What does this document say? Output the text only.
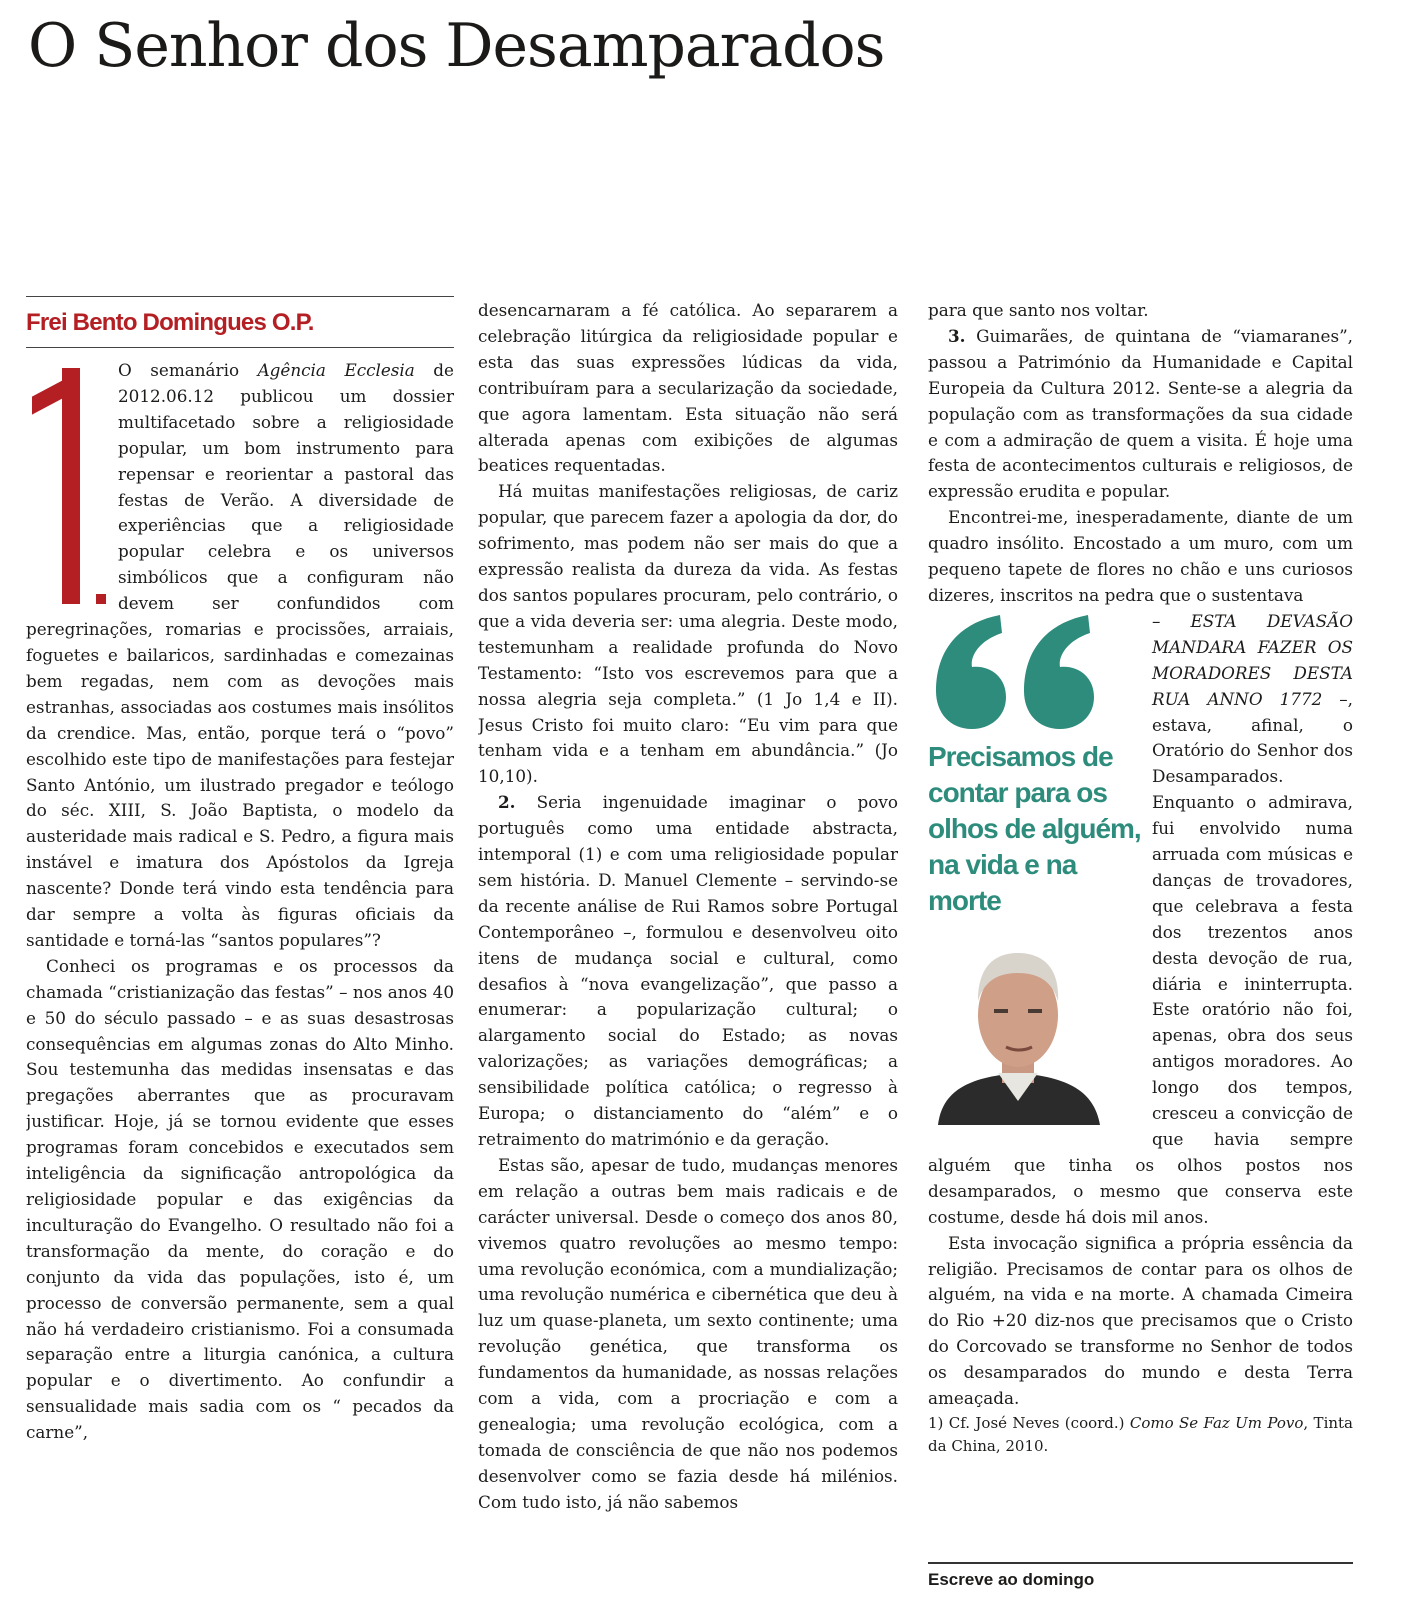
O Senhor dos Desamparados
Frei Bento Domingues O.P.

O semanário Agência Ecclesia de 2012.06.12 publicou um dossier multifacetado sobre a religiosidade popular, um bom instrumento para repensar e reorientar a pastoral das festas de Verão. A diversidade de experiências que a religiosidade popular celebra e os universos simbólicos que a configuram não devem ser confundidos com peregrinações, romarias e procissões, arraiais, foguetes e bailaricos, sardinhadas e comezainas bem regadas, nem com as devoções mais estranhas, associadas aos costumes mais insólitos da crendice. Mas, então, porque terá o “povo” escolhido este tipo de manifestações para festejar Santo António, um ilustrado pregador e teólogo do séc. XIII, S. João Baptista, o modelo da austeridade mais radical e S. Pedro, a figura mais instável e imatura dos Apóstolos da Igreja nascente? Donde terá vindo esta tendência para dar sempre a volta às figuras oficiais da santidade e torná-las “santos populares”?

Conheci os programas e os processos da chamada “cristianização das festas” – nos anos 40 e 50 do século passado – e as suas desastrosas consequências em algumas zonas do Alto Minho. Sou testemunha das medidas insensatas e das pregações aberrantes que as procuravam justificar. Hoje, já se tornou evidente que esses programas foram concebidos e executados sem inteligência da significação antropológica da religiosidade popular e das exigências da inculturação do Evangelho. O resultado não foi a transformação da mente, do coração e do conjunto da vida das populações, isto é, um processo de conversão permanente, sem a qual não há verdadeiro cristianismo. Foi a consumada separação entre a liturgia canónica, a cultura popular e o divertimento. Ao confundir a sensualidade mais sadia com os “ pecados da carne”,

desencarnaram a fé católica. Ao separarem a celebração litúrgica da religiosidade popular e esta das suas expressões lúdicas da vida, contribuíram para a secularização da sociedade, que agora lamentam. Esta situação não será alterada apenas com exibições de algumas beatices requentadas.

Há muitas manifestações religiosas, de cariz popular, que parecem fazer a apologia da dor, do sofrimento, mas podem não ser mais do que a expressão realista da dureza da vida. As festas dos santos populares procuram, pelo contrário, o que a vida deveria ser: uma alegria. Deste modo, testemunham a realidade profunda do Novo Testamento: “Isto vos escrevemos para que a nossa alegria seja completa.” (1 Jo 1,4 e II). Jesus Cristo foi muito claro: “Eu vim para que tenham vida e a tenham em abundância.” (Jo 10,10).

2. Seria ingenuidade imaginar o povo português como uma entidade abstracta, intemporal (1) e com uma religiosidade popular sem história. D. Manuel Clemente – servindo-se da recente análise de Rui Ramos sobre Portugal Contemporâneo –, formulou e desenvolveu oito itens de mudança social e cultural, como desafios à “nova evangelização”, que passo a enumerar: a popularização cultural; o alargamento social do Estado; as novas valorizações; as variações demográficas; a sensibilidade política católica; o regresso à Europa; o distanciamento do “além” e o retraimento do matrimónio e da geração.

Estas são, apesar de tudo, mudanças menores em relação a outras bem mais radicais e de carácter universal. Desde o começo dos anos 80, vivemos quatro revoluções ao mesmo tempo: uma revolução económica, com a mundialização; uma revolução numérica e cibernética que deu à luz um quase-planeta, um sexto continente; uma revolução genética, que transforma os fundamentos da humanidade, as nossas relações com a vida, com a procriação e com a genealogia; uma revolução ecológica, com a tomada de consciência de que não nos podemos desenvolver como se fazia desde há milénios. Com tudo isto, já não sabemos

para que santo nos voltar.

3. Guimarães, de quintana de “viamaranes”, passou a Património da Humanidade e Capital Europeia da Cultura 2012. Sente-se a alegria da população com as transformações da sua cidade e com a admiração de quem a visita. É hoje uma festa de acontecimentos culturais e religiosos, de expressão erudita e popular.

Encontrei-me, inesperadamente, diante de um quadro insólito. Encostado a um muro, com um pequeno tapete de flores no chão e uns curiosos dizeres, inscritos na pedra que o sustentava

Precisamos de contar para os olhos de alguém, na vida e na morte

– ESTA DEVASÃO MANDARA FAZER OS MORADORES DESTA RUA ANNO 1772 –, estava, afinal, o Oratório do Senhor dos Desamparados. Enquanto o admirava, fui envolvido numa arruada com músicas e danças de trovadores, que celebrava a festa dos trezentos anos desta devoção de rua, diária e ininterrupta. Este oratório não foi, apenas, obra dos seus antigos moradores. Ao longo dos tempos, cresceu a convicção de que havia sempre alguém que tinha os olhos postos nos desamparados, o mesmo que conserva este costume, desde há dois mil anos.

Esta invocação significa a própria essência da religião. Precisamos de contar para os olhos de alguém, na vida e na morte. A chamada Cimeira do Rio +20 diz-nos que precisamos que o Cristo do Corcovado se transforme no Senhor de todos os desamparados do mundo e desta Terra ameaçada.

1) Cf. José Neves (coord.) Como Se Faz Um Povo, Tinta da China, 2010.

Escreve ao domingo
